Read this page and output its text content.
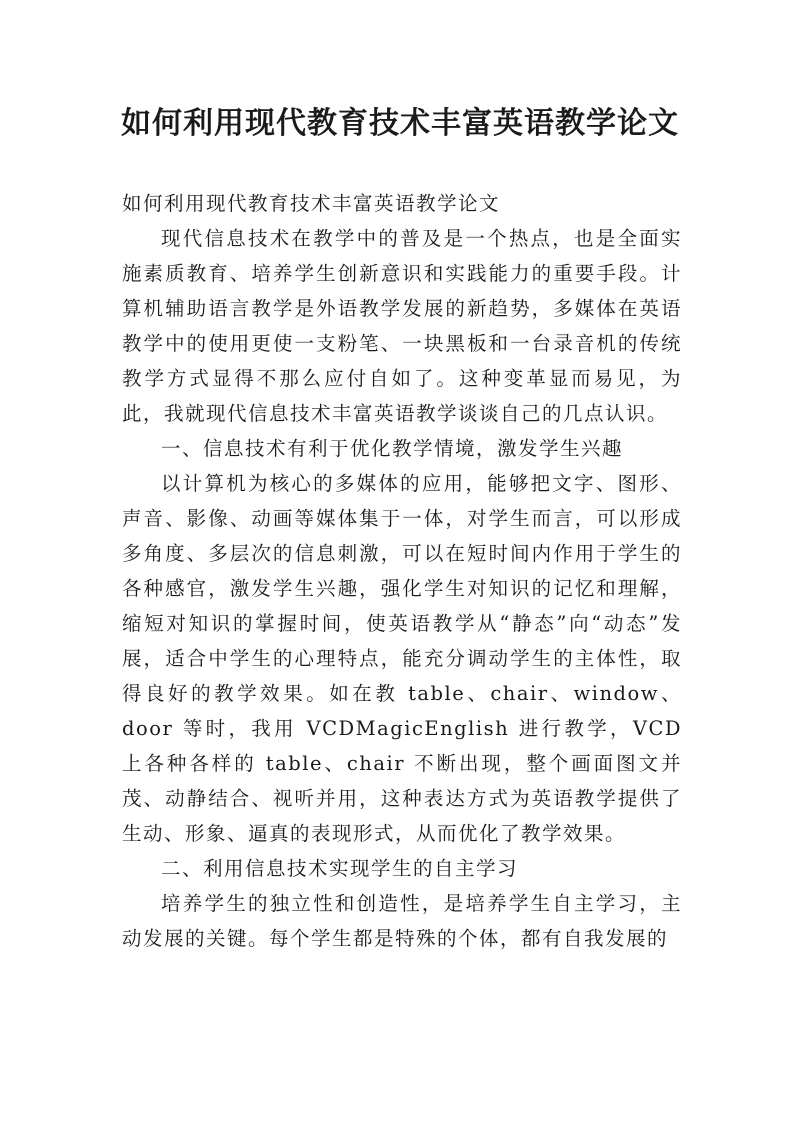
如何利用现代教育技术丰富英语教学论文

如何利用现代教育技术丰富英语教学论文

现代信息技术在教学中的普及是一个热点，也是全面实施素质教育、培养学生创新意识和实践能力的重要手段。计算机辅助语言教学是外语教学发展的新趋势，多媒体在英语教学中的使用更使一支粉笔、一块黑板和一台录音机的传统教学方式显得不那么应付自如了。这种变革显而易见，为此，我就现代信息技术丰富英语教学谈谈自己的几点认识。

一、信息技术有利于优化教学情境，激发学生兴趣

以计算机为核心的多媒体的应用，能够把文字、图形、声音、影像、动画等媒体集于一体，对学生而言，可以形成多角度、多层次的信息刺激，可以在短时间内作用于学生的各种感官，激发学生兴趣，强化学生对知识的记忆和理解，缩短对知识的掌握时间，使英语教学从“静态”向“动态”发展，适合中学生的心理特点，能充分调动学生的主体性，取得良好的教学效果。如在教 table、chair、window、door 等时，我用 VCDMagicEnglish 进行教学，VCD 上各种各样的 table、chair 不断出现，整个画面图文并茂、动静结合、视听并用，这种表达方式为英语教学提供了生动、形象、逼真的表现形式，从而优化了教学效果。

二、利用信息技术实现学生的自主学习

培养学生的独立性和创造性，是培养学生自主学习，主动发展的关键。每个学生都是特殊的个体，都有自我发展的
